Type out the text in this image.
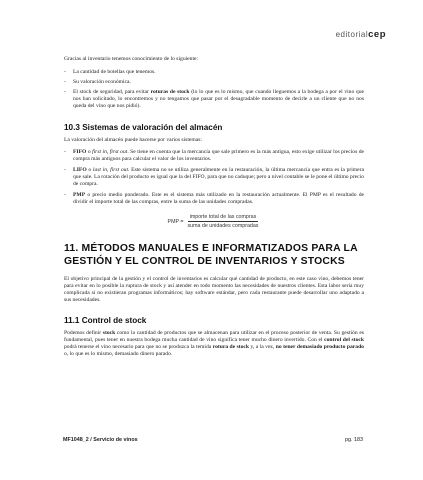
editorialcep

Gracias al inventario tenemos conocimiento de lo siguiente:

- La cantidad de botellas que tenemos.
- Su valoración económica.
- El stock de seguridad, para evitar roturas de stock (lo lo que es lo mismo, que cuando lleguemos a la bodega a por el vino que nos han solicitado, lo encontremos y no tengamos que pasar por el desagradable momento de decirle a un cliente que no nos queda del vino que nos pidió).
10.3 Sistemas de valoración del almacén

La valoración del almacén puede hacerse por varios sistemas:

- FIFO o first in, first out. Se tiene en cuenta que la mercancía que sale primero es la más antigua, esto exige utilizar los precios de compra más antiguos para calcular el valor de los inventarios.
- LIFO o last in, first out. Este sistema no se utiliza generalmente en la restauración, la última mercancía que entra es la primera que sale. La rotación del producto es igual que la del FIFO, para que no caduque; pero a nivel contable se le pone el último precio de compra.
- PMP o precio medio ponderado. Este es el sistema más utilizado en la restauración actualmente. El PMP es el resultado de dividir el importe total de las compras, entre la suma de las unidades compradas.
PMP = $\frac{\text{importe total de las compras}}{\text{suma de unidades compradas}}$
11. MÉTODOS MANUALES E INFORMATIZADOS PARA LA GESTIÓN Y EL CONTROL DE INVENTARIOS Y STOCKS

El objetivo principal de la gestión y el control de inventarios es calcular qué cantidad de producto, en este caso vino, debemos tener para evitar en lo posible la ruptura de stock y así atender en todo momento las necesidades de nuestros clientes. Esta labor sería muy complicada si no existieran programas informáticos; hay software estándar, pero cada restaurante puede desarrollar uno adaptado a sus necesidades.

11.1 Control de stock

Podemos definir stock como la cantidad de productos que se almacenan para utilizar en el proceso posterior de venta. Su gestión es fundamental, pues tener en nuestra bodega mucha cantidad de vino significa tener mucho dinero invertido. Con el control del stock podrá tenerse el vino necesario para que no se produzca la temida rotura de stock y, a la vez, no tener demasiado producto parado o, lo que es lo mismo, demasiado dinero parado.

MF1048_2 / Servicio de vinos	pg. 183
